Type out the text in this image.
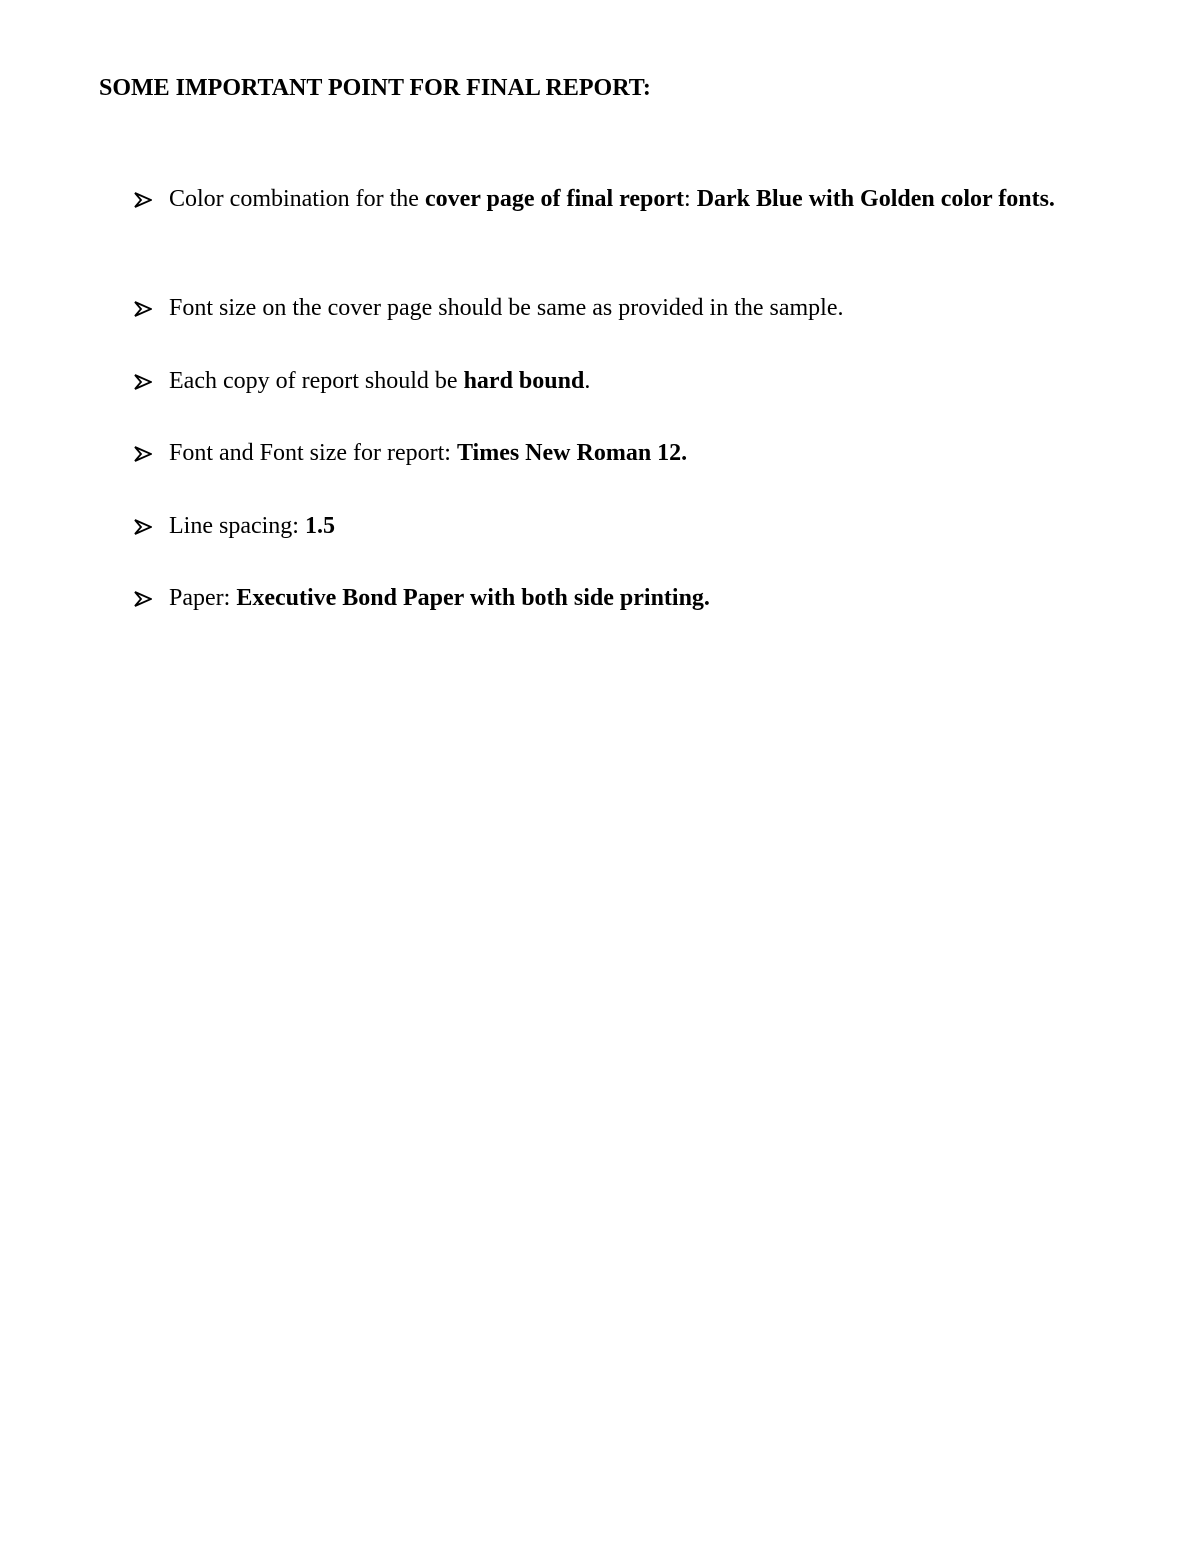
SOME IMPORTANT POINT FOR FINAL REPORT:
Color combination for the cover page of final report: Dark Blue with Golden color fonts.
Font size on the cover page should be same as provided in the sample.
Each copy of report should be hard bound.
Font and Font size for report: Times New Roman 12.
Line spacing: 1.5
Paper: Executive Bond Paper with both side printing.
